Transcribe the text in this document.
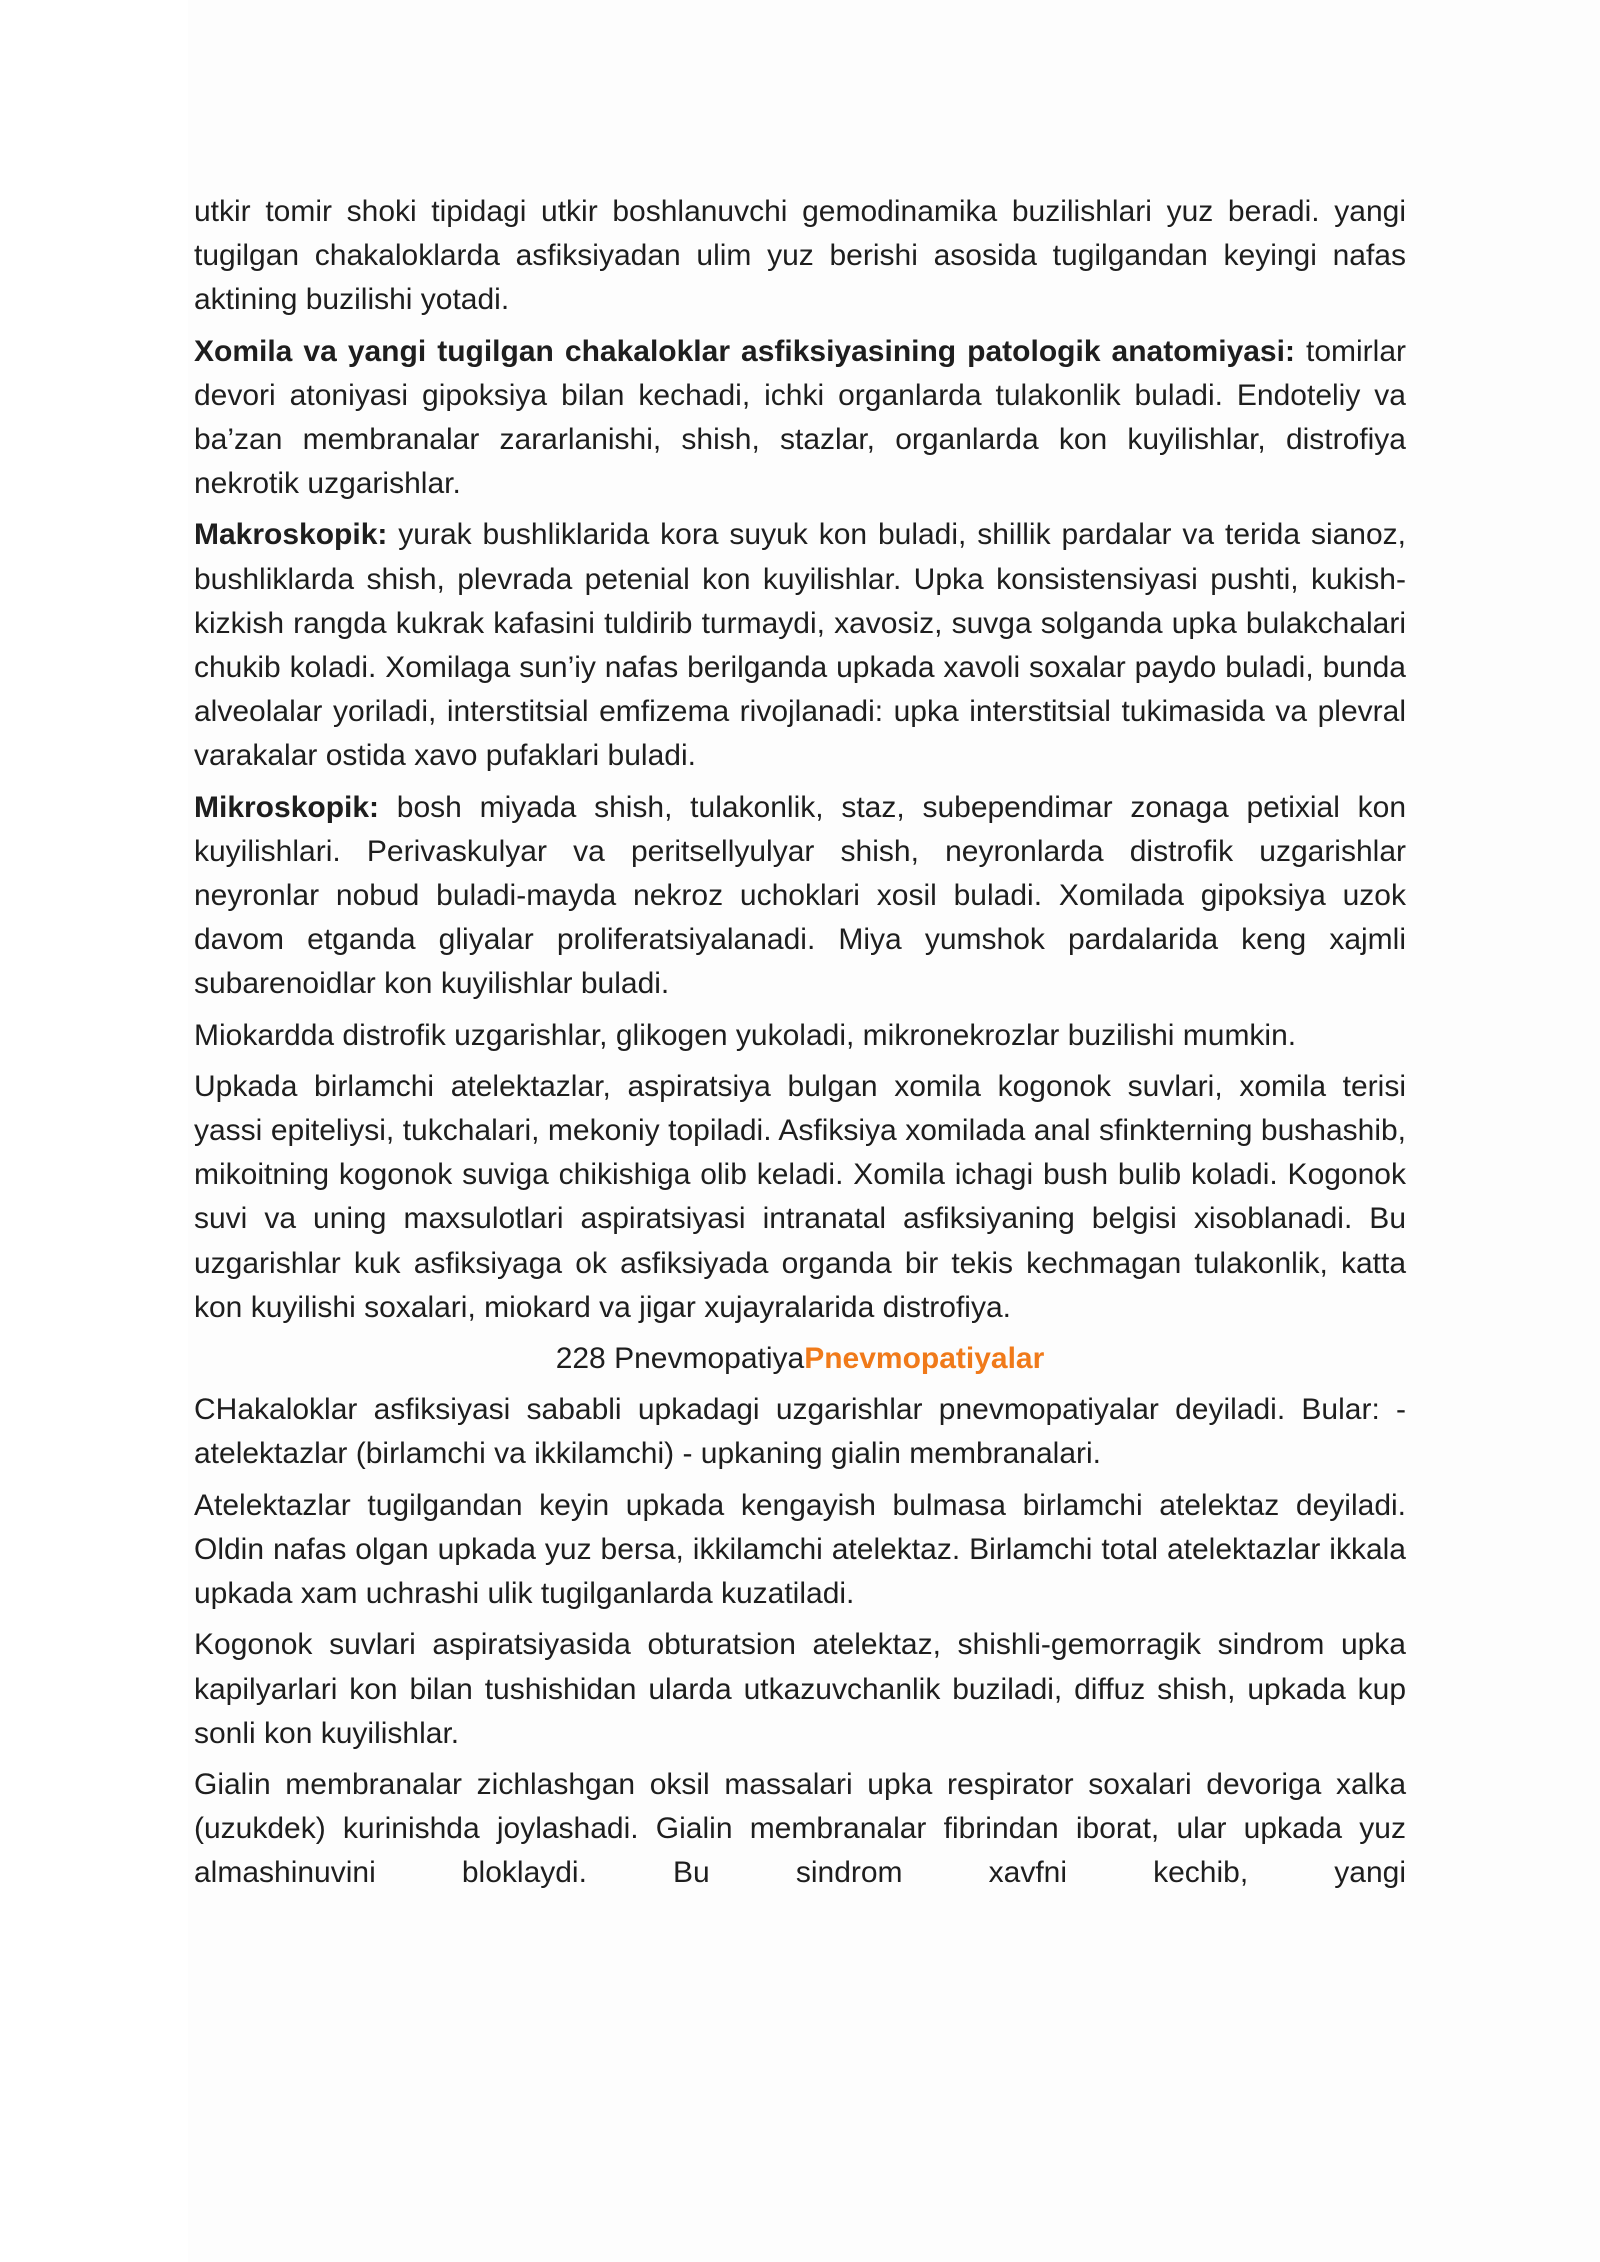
utkir tomir shoki tipidagi utkir boshlanuvchi gemodinamika buzilishlari yuz beradi. yangi tugilgan chakaloklarda asfiksiyadan ulim yuz berishi asosida tugilgandan keyingi nafas aktining buzilishi yotadi.

Xomila va yangi tugilgan chakaloklar asfiksiyasining patologik anatomiyasi: tomirlar devori atoniyasi gipoksiya bilan kechadi, ichki organlarda tulakonlik buladi. Endoteliy va ba’zan membranalar zararlanishi, shish, stazlar, organlarda kon kuyilishlar, distrofiya nekrotik uzgarishlar.

Makroskopik: yurak bushliklarida kora suyuk kon buladi, shillik pardalar va terida sianoz, bushliklarda shish, plevrada petenial kon kuyilishlar. Upka konsistensiyasi pushti, kukish-kizkish rangda kukrak kafasini tuldirib turmaydi, xavosiz, suvga solganda upka bulakchalari chukib koladi. Xomilaga sun’iy nafas berilganda upkada xavoli soxalar paydo buladi, bunda alveolalar yoriladi, interstitsial emfizema rivojlanadi: upka interstitsial tukimasida va plevral varakalar ostida xavo pufaklari buladi.

Mikroskopik: bosh miyada shish, tulakonlik, staz, subependimar zonaga petixial kon kuyilishlari. Perivaskulyar va peritsellyulyar shish, neyronlarda distrofik uzgarishlar neyronlar nobud buladi-mayda nekroz uchoklari xosil buladi. Xomilada gipoksiya uzok davom etganda gliyalar proliferatsiyalanadi. Miya yumshok pardalarida keng xajmli subarenoidlar kon kuyilishlar buladi.

Miokardda distrofik uzgarishlar, glikogen yukoladi, mikronekrozlar buzilishi mumkin.

Upkada birlamchi atelektazlar, aspiratsiya bulgan xomila kogonok suvlari, xomila terisi yassi epiteliysi, tukchalari, mekoniy topiladi. Asfiksiya xomilada anal sfinkterning bushashib, mikoitning kogonok suviga chikishiga olib keladi. Xomila ichagi bush bulib koladi. Kogonok suvi va uning maxsulotlari aspiratsiyasi intranatal asfiksiyaning belgisi xisoblanadi. Bu uzgarishlar kuk asfiksiyaga ok asfiksiyada organda bir tekis kechmagan tulakonlik, katta kon kuyilishi soxalari, miokard va jigar xujayralarida distrofiya.

228 PnevmopatiyaPnevmopatiyalar

CHakaloklar asfiksiyasi sababli upkadagi uzgarishlar pnevmopatiyalar deyiladi. Bular: - atelektazlar (birlamchi va ikkilamchi) - upkaning gialin membranalari.

Atelektazlar tugilgandan keyin upkada kengayish bulmasa birlamchi atelektaz deyiladi. Oldin nafas olgan upkada yuz bersa, ikkilamchi atelektaz. Birlamchi total atelektazlar ikkala upkada xam uchrashi ulik tugilganlarda kuzatiladi.

Kogonok suvlari aspiratsiyasida obturatsion atelektaz, shishli-gemorragik sindrom upka kapilyarlari kon bilan tushishidan ularda utkazuvchanlik buziladi, diffuz shish, upkada kup sonli kon kuyilishlar.

Gialin membranalar zichlashgan oksil massalari upka respirator soxalari devoriga xalka (uzukdek) kurinishda joylashadi. Gialin membranalar fibrindan iborat, ular upkada yuz almashinuvini bloklaydi. Bu sindrom xavfni kechib, yangi
